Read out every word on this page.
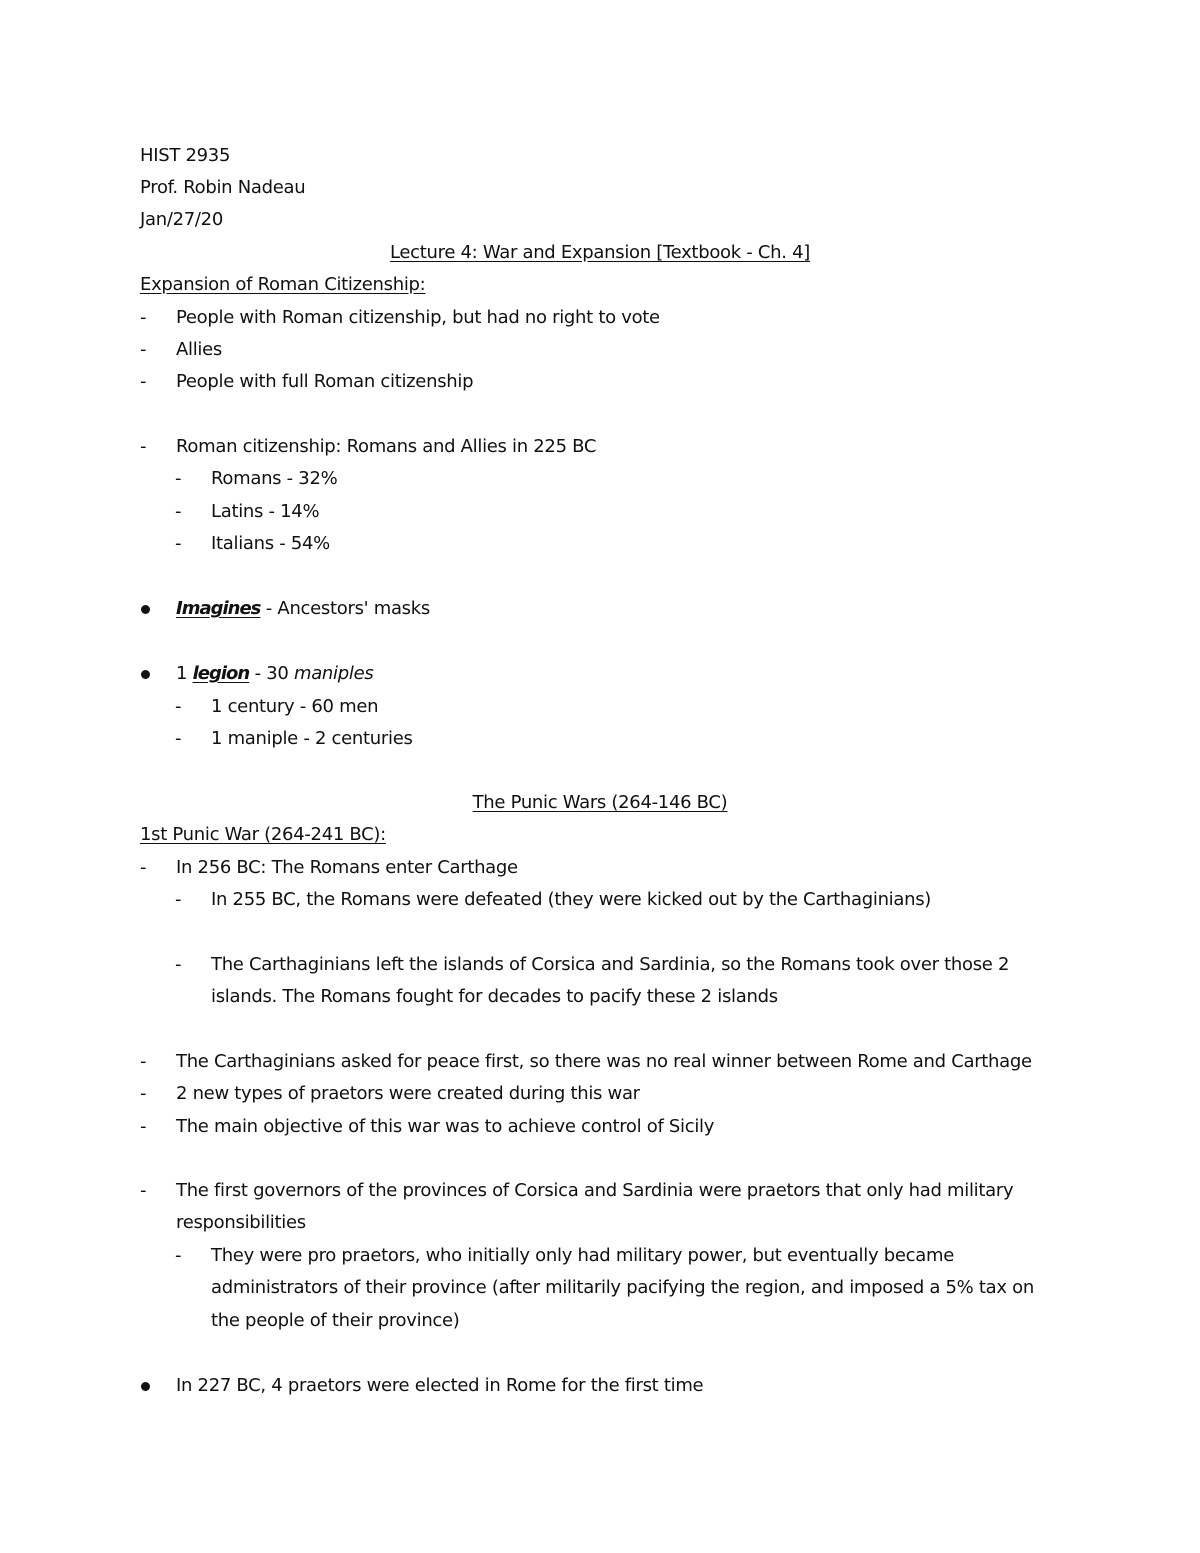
HIST 2935
Prof. Robin Nadeau
Jan/27/20
Lecture 4: War and Expansion [Textbook - Ch. 4]
Expansion of Roman Citizenship:
- People with Roman citizenship, but had no right to vote
- Allies
- People with full Roman citizenship
- Roman citizenship: Romans and Allies in 225 BC
- Romans - 32%
- Latins - 14%
- Italians - 54%
Imagines - Ancestors' masks
1 legion - 30 maniples
- 1 century - 60 men
- 1 maniple - 2 centuries
The Punic Wars (264-146 BC)
1st Punic War (264-241 BC):
- In 256 BC: The Romans enter Carthage
- In 255 BC, the Romans were defeated (they were kicked out by the Carthaginians)
- The Carthaginians left the islands of Corsica and Sardinia, so the Romans took over those 2
islands. The Romans fought for decades to pacify these 2 islands
- The Carthaginians asked for peace first, so there was no real winner between Rome and Carthage
- 2 new types of praetors were created during this war
- The main objective of this war was to achieve control of Sicily
- The first governors of the provinces of Corsica and Sardinia were praetors that only had military
responsibilities
- They were pro praetors, who initially only had military power, but eventually became
administrators of their province (after militarily pacifying the region, and imposed a 5% tax on
the people of their province)
In 227 BC, 4 praetors were elected in Rome for the first time
